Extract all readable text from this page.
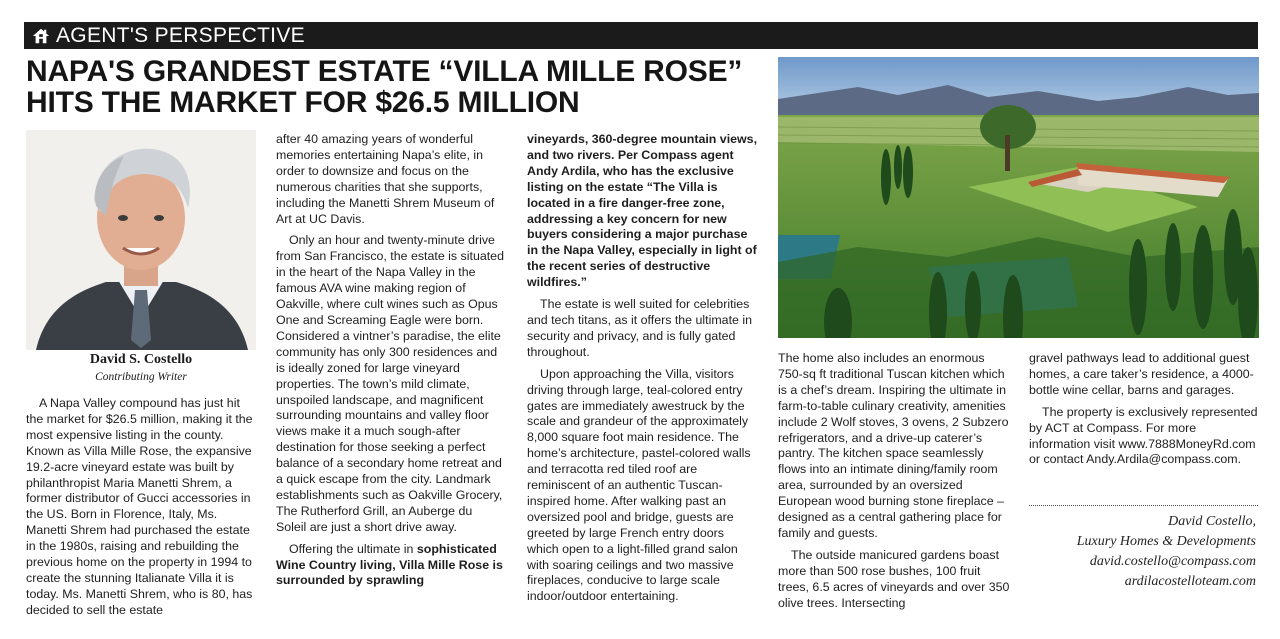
AGENT'S PERSPECTIVE
NAPA'S GRANDEST ESTATE “VILLA MILLE ROSE” HITS THE MARKET FOR $26.5 MILLION
David S. Costello
Contributing Writer

A Napa Valley compound has just hit the market for $26.5 million, making it the most expensive listing in the county. Known as Villa Mille Rose, the expansive 19.2-acre vineyard estate was built by philanthropist Maria Manetti Shrem, a former distributor of Gucci accessories in the US. Born in Florence, Italy, Ms. Manetti Shrem had purchased the estate in the 1980s, raising and rebuilding the previous home on the property in 1994 to create the stunning Italianate Villa it is today. Ms. Manetti Shrem, who is 80, has decided to sell the estate

after 40 amazing years of wonderful memories entertaining Napa’s elite, in order to downsize and focus on the numerous charities that she supports, including the Manetti Shrem Museum of Art at UC Davis.

Only an hour and twenty-minute drive from San Francisco, the estate is situated in the heart of the Napa Valley in the famous AVA wine making region of Oakville, where cult wines such as Opus One and Screaming Eagle were born. Considered a vintner’s paradise, the elite community has only 300 residences and is ideally zoned for large vineyard properties. The town’s mild climate, unspoiled landscape, and magnificent surrounding mountains and valley floor views make it a much sough-after destination for those seeking a perfect balance of a secondary home retreat and a quick escape from the city. Landmark establishments such as Oakville Grocery, The Rutherford Grill, an Auberge du Soleil are just a short drive away.

Offering the ultimate in sophisticated Wine Country living, Villa Mille Rose is surrounded by sprawling

vineyards, 360-degree mountain views, and two rivers. Per Compass agent Andy Ardila, who has the exclusive listing on the estate “The Villa is located in a fire danger-free zone, addressing a key concern for new buyers considering a major purchase in the Napa Valley, especially in light of the recent series of destructive wildfires.”

The estate is well suited for celebrities and tech titans, as it offers the ultimate in security and privacy, and is fully gated throughout.

Upon approaching the Villa, visitors driving through large, teal-colored entry gates are immediately awestruck by the scale and grandeur of the approximately 8,000 square foot main residence. The home’s architecture, pastel-colored walls and terracotta red tiled roof are reminiscent of an authentic Tuscan-inspired home. After walking past an oversized pool and bridge, guests are greeted by large French entry doors which open to a light-filled grand salon with soaring ceilings and two massive fireplaces, conducive to large scale indoor/outdoor entertaining.

The home also includes an enormous 750-sq ft traditional Tuscan kitchen which is a chef’s dream. Inspiring the ultimate in farm-to-table culinary creativity, amenities include 2 Wolf stoves, 3 ovens, 2 Subzero refrigerators, and a drive-up caterer’s pantry. The kitchen space seamlessly flows into an intimate dining/family room area, surrounded by an oversized European wood burning stone fireplace – designed as a central gathering place for family and guests.

The outside manicured gardens boast more than 500 rose bushes, 100 fruit trees, 6.5 acres of vineyards and over 350 olive trees. Intersecting

gravel pathways lead to additional guest homes, a care taker’s residence, a 4000- bottle wine cellar, barns and garages.

The property is exclusively represented by ACT at Compass. For more information visit www.7888MoneyRd.com or contact Andy.Ardila@compass.com.

David Costello,
Luxury Homes & Developments
david.costello@compass.com
ardilacostelloteam.com
